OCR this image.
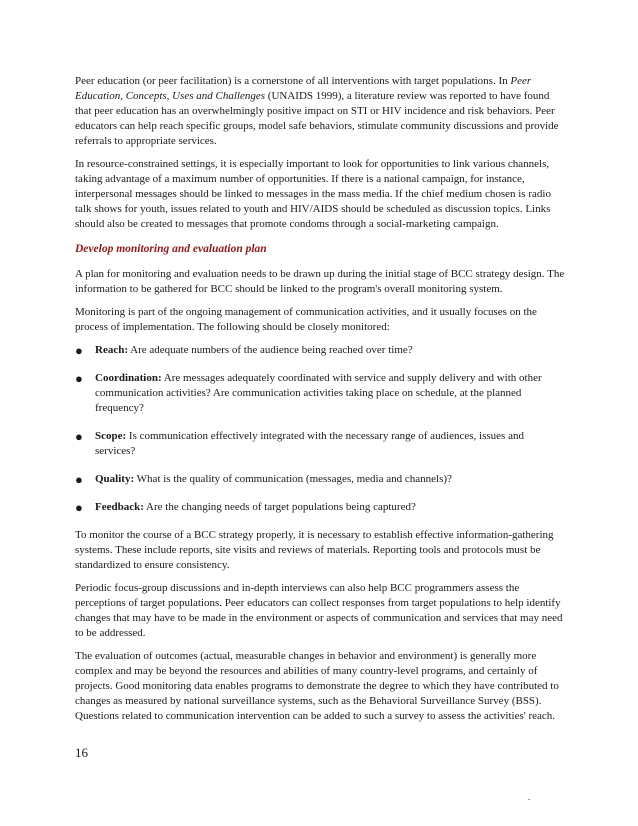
Peer education (or peer facilitation) is a cornerstone of all interventions with target populations. In Peer Education, Concepts, Uses and Challenges (UNAIDS 1999), a literature review was reported to have found that peer education has an overwhelmingly positive impact on STI or HIV incidence and risk behaviors. Peer educators can help reach specific groups, model safe behaviors, stimulate community discussions and provide referrals to appropriate services.

In resource-constrained settings, it is especially important to look for opportunities to link various channels, taking advantage of a maximum number of opportunities. If there is a national campaign, for instance, interpersonal messages should be linked to messages in the mass media. If the chief medium chosen is radio talk shows for youth, issues related to youth and HIV/AIDS should be scheduled as discussion topics. Links should also be created to messages that promote condoms through a social-marketing campaign.

Develop monitoring and evaluation plan

A plan for monitoring and evaluation needs to be drawn up during the initial stage of BCC strategy design. The information to be gathered for BCC should be linked to the program's overall monitoring system.

Monitoring is part of the ongoing management of communication activities, and it usually focuses on the process of implementation. The following should be closely monitored:

● Reach: Are adequate numbers of the audience being reached over time?
● Coordination: Are messages adequately coordinated with service and supply delivery and with other communication activities? Are communication activities taking place on schedule, at the planned frequency?
● Scope: Is communication effectively integrated with the necessary range of audiences, issues and services?
● Quality: What is the quality of communication (messages, media and channels)?
● Feedback: Are the changing needs of target populations being captured?

To monitor the course of a BCC strategy properly, it is necessary to establish effective information-gathering systems. These include reports, site visits and reviews of materials. Reporting tools and protocols must be standardized to ensure consistency.

Periodic focus-group discussions and in-depth interviews can also help BCC programmers assess the perceptions of target populations. Peer educators can collect responses from target populations to help identify changes that may have to be made in the environment or aspects of communication and services that may need to be addressed.

The evaluation of outcomes (actual, measurable changes in behavior and environment) is generally more complex and may be beyond the resources and abilities of many country-level programs, and certainly of projects. Good monitoring data enables programs to demonstrate the degree to which they have contributed to changes as measured by national surveillance systems, such as the Behavioral Surveillance Survey (BSS). Questions related to communication intervention can be added to such a survey to assess the activities' reach.

16
.
